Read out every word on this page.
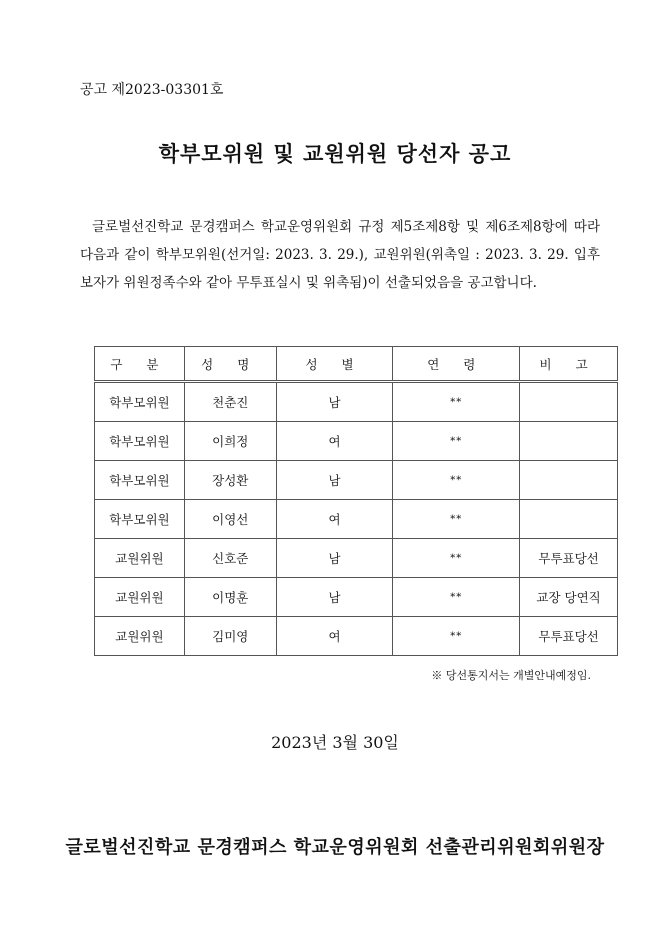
공고 제2023-03301호
학부모위원 및 교원위원 당선자 공고

글로벌선진학교 문경캠퍼스 학교운영위원회 규정 제5조제8항 및 제6조제8항에 따라 다음과 같이 학부모위원(선거일: 2023. 3. 29.), 교원위원(위촉일 : 2023. 3. 29. 입후보자가 위원정족수와 같아 무투표실시 및 위촉됨)이 선출되었음을 공고합니다.

구 분	성 명	성 별	연 령	비 고
학부모위원	천춘진	남	**	
학부모위원	이희정	여	**	
학부모위원	장성환	남	**	
학부모위원	이영선	여	**	
교원위원	신호준	남	**	무투표당선
교원위원	이명훈	남	**	교장 당연직
교원위원	김미영	여	**	무투표당선
※ 당선통지서는 개별안내예정임.
2023년 3월 30일
글로벌선진학교 문경캠퍼스 학교운영위원회 선출관리위원회위원장
